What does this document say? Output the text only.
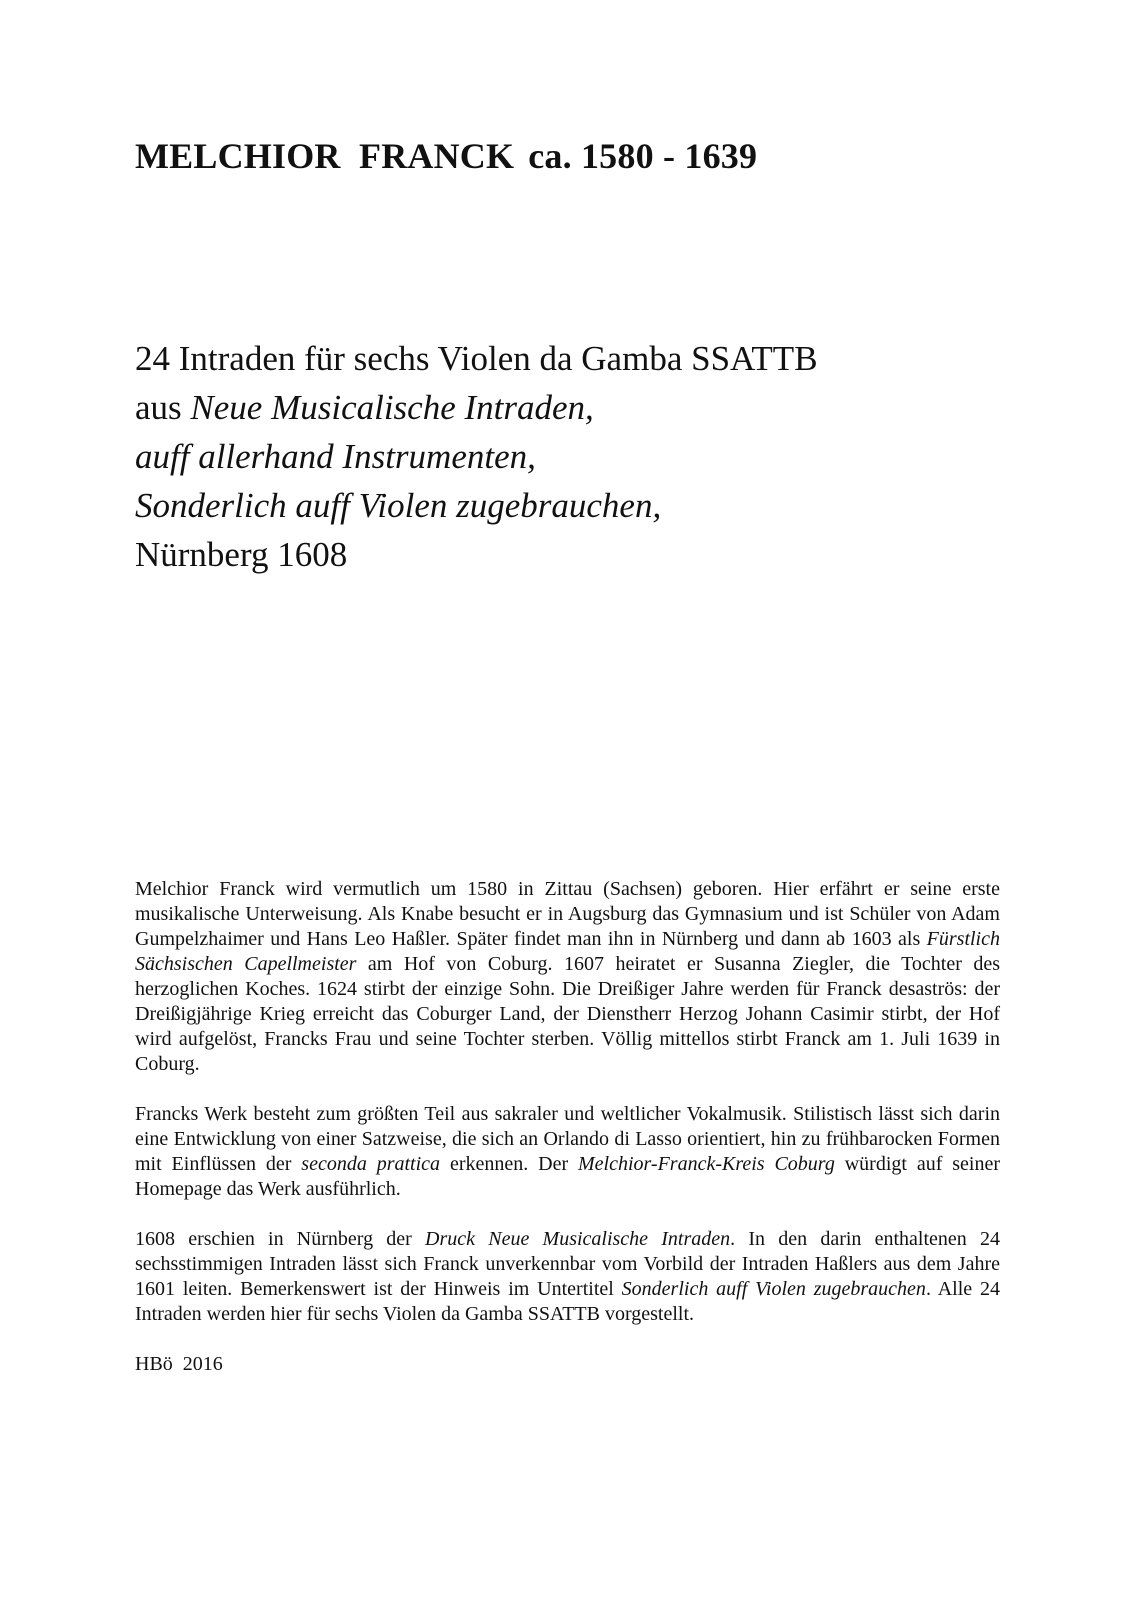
MELCHIOR  FRANCK ca. 1580 - 1639
24 Intraden für sechs Violen da Gamba SSATTB
aus Neue Musicalische Intraden,
auff allerhand Instrumenten,
Sonderlich auff Violen zugebrauchen,
Nürnberg 1608

Melchior Franck wird vermutlich um 1580 in Zittau (Sachsen) geboren. Hier erfährt er seine erste musikalische Unterweisung. Als Knabe besucht er in Augsburg das Gymnasium und ist Schüler von Adam Gumpelzhaimer und Hans Leo Haßler. Später findet man ihn in Nürnberg und dann ab 1603 als Fürstlich Sächsischen Capellmeister am Hof von Coburg. 1607 heiratet er Susanna Ziegler, die Tochter des herzoglichen Koches. 1624 stirbt der einzige Sohn. Die Dreißiger Jahre werden für Franck desaströs: der Dreißigjährige Krieg erreicht das Coburger Land, der Dienstherr Herzog Johann Casimir stirbt, der Hof wird aufgelöst, Francks Frau und seine Tochter sterben. Völlig mittellos stirbt Franck am 1. Juli 1639 in Coburg.

Francks Werk besteht zum größten Teil aus sakraler und weltlicher Vokalmusik. Stilistisch lässt sich darin eine Entwicklung von einer Satzweise, die sich an Orlando di Lasso orientiert, hin zu frühbarocken Formen mit Einflüssen der seconda prattica erkennen. Der Melchior-Franck-Kreis Coburg würdigt auf seiner Homepage das Werk ausführlich.

1608 erschien in Nürnberg der Druck Neue Musicalische Intraden. In den darin enthaltenen 24 sechsstimmigen Intraden lässt sich Franck unverkennbar vom Vorbild der Intraden Haßlers aus dem Jahre 1601 leiten. Bemerkenswert ist der Hinweis im Untertitel Sonderlich auff Violen zugebrauchen. Alle 24 Intraden werden hier für sechs Violen da Gamba SSATTB vorgestellt.

HBö  2016
